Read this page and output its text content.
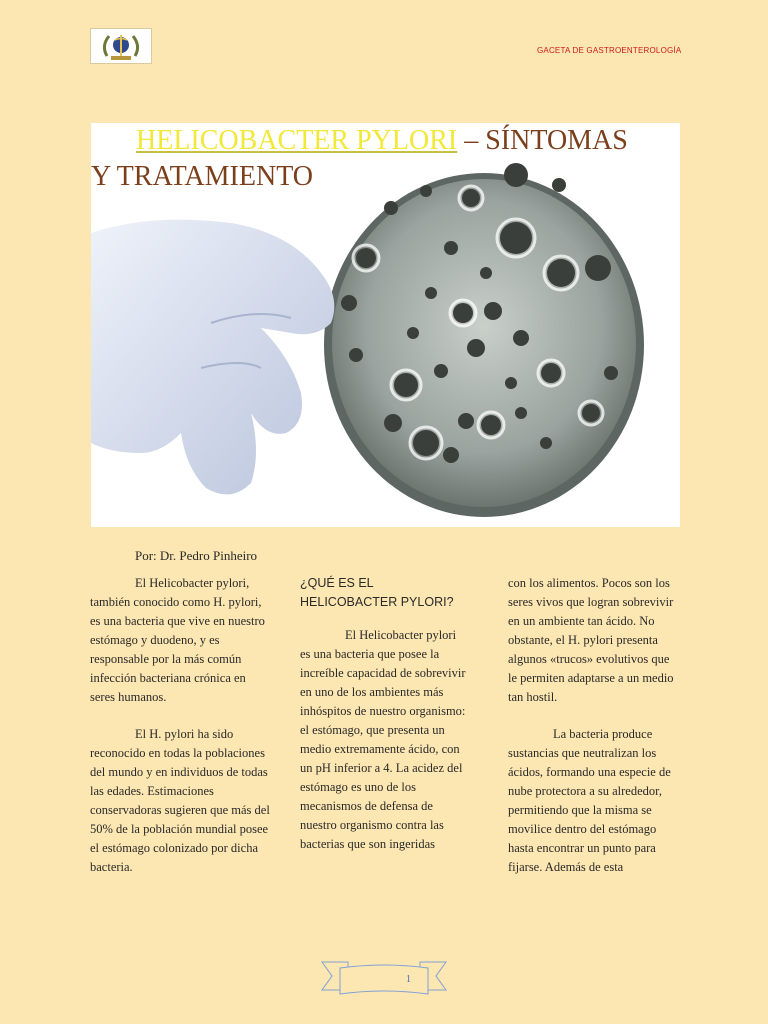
GACETA DE GASTROENTEROLOGÍA
HELICOBACTER PYLORI – SÍNTOMAS
Y TRATAMIENTO
Por: Dr. Pedro Pinheiro

El Helicobacter pylori, también conocido como H. pylori, es una bacteria que vive en nuestro estómago y duodeno, y es responsable por la más común infección bacteriana crónica en seres humanos.

El H. pylori ha sido reconocido en todas la poblaciones del mundo y en individuos de todas las edades. Estimaciones conservadoras sugieren que más del 50% de la población mundial posee el estómago colonizado por dicha bacteria.

¿QUÉ ES EL HELICOBACTER PYLORI?

El Helicobacter pylori es una bacteria que posee la increíble capacidad de sobrevivir en uno de los ambientes más inhóspitos de nuestro organismo: el estómago, que presenta un medio extremamente ácido, con un pH inferior a 4. La acidez del estómago es uno de los mecanismos de defensa de nuestro organismo contra las bacterias que son ingeridas

con los alimentos. Pocos son los seres vivos que logran sobrevivir en un ambiente tan ácido. No obstante, el H. pylori presenta algunos «trucos» evolutivos que le permiten adaptarse a un medio tan hostil.

La bacteria produce sustancias que neutralizan los ácidos, formando una especie de nube protectora a su alrededor, permitiendo que la misma se movilice dentro del estómago hasta encontrar un punto para fijarse. Además de esta

1
